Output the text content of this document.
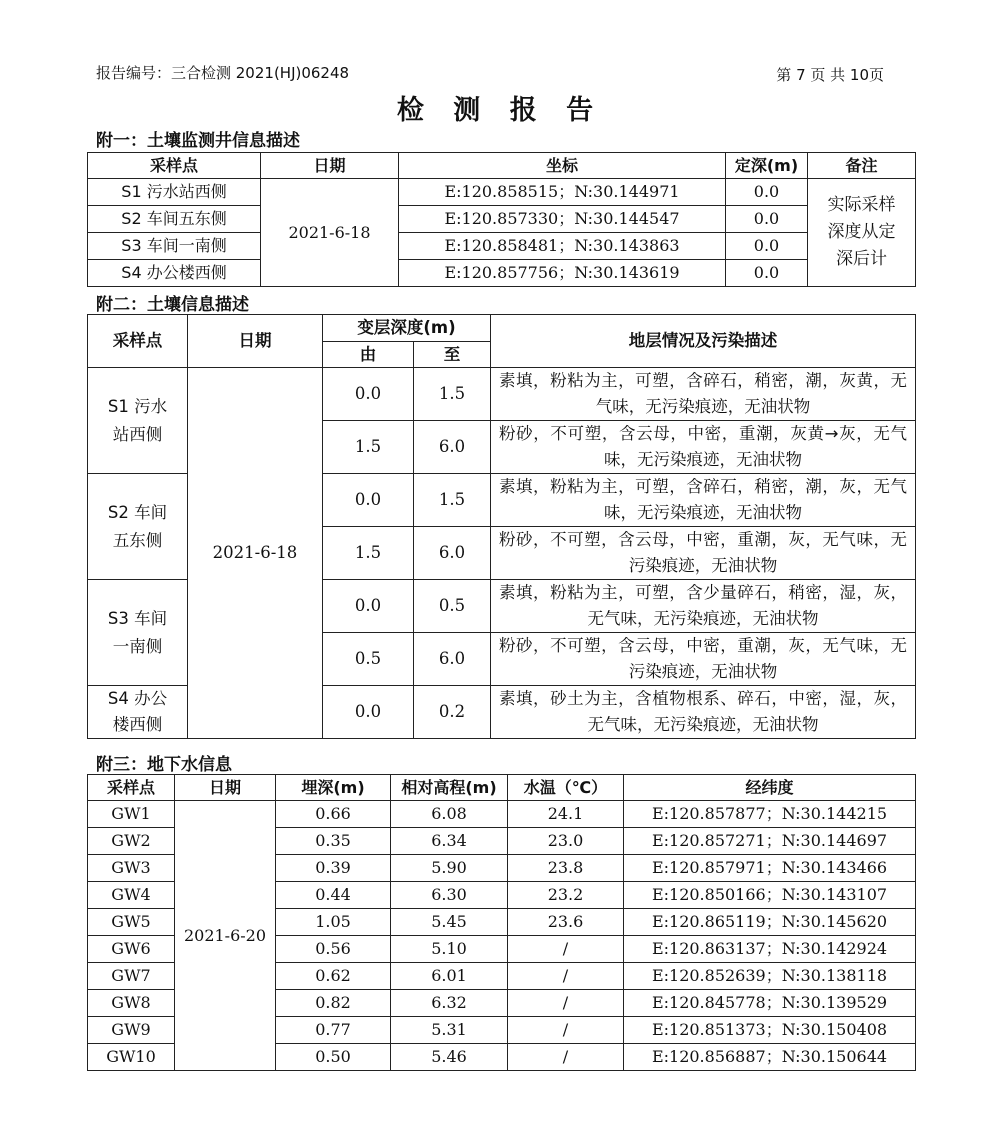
报告编号：三合检测 2021(HJ)06248	第 7 页 共 10页
检 测 报 告
附一：土壤监测井信息描述
采样点	日期	坐标	定深(m)	备注
S1 污水站西侧	2021-6-18	E:120.858515；N:30.144971	0.0	实际采样深度从定深后计
S2 车间五东侧		E:120.857330；N:30.144547	0.0	
S3 车间一南侧		E:120.858481；N:30.143863	0.0	
S4 办公楼西侧		E:120.857756；N:30.143619	0.0	
附二：土壤信息描述
采样点	日期	变层深度(m)		地层情况及污染描述
		由	至	
S1 污水站西侧	2021-6-18	0.0	1.5	素填，粉粘为主，可塑，含碎石，稍密，潮，灰黄，无气味，无污染痕迹，无油状物
		1.5	6.0	粉砂，不可塑，含云母，中密，重潮，灰黄→灰，无气味，无污染痕迹，无油状物
S2 车间五东侧		0.0	1.5	素填，粉粘为主，可塑，含碎石，稍密，潮，灰，无气味，无污染痕迹，无油状物
		1.5	6.0	粉砂，不可塑，含云母，中密，重潮，灰，无气味，无污染痕迹，无油状物
S3 车间一南侧		0.0	0.5	素填，粉粘为主，可塑，含少量碎石，稍密，湿，灰，无气味，无污染痕迹，无油状物
		0.5	6.0	粉砂，不可塑，含云母，中密，重潮，灰，无气味，无污染痕迹，无油状物
S4 办公楼西侧		0.0	0.2	素填，砂土为主，含植物根系、碎石，中密，湿，灰，无气味，无污染痕迹，无油状物
附三：地下水信息
采样点	日期	埋深(m)	相对高程(m)	水温（℃）	经纬度
GW1	2021-6-20	0.66	6.08	24.1	E:120.857877；N:30.144215
GW2		0.35	6.34	23.0	E:120.857271；N:30.144697
GW3		0.39	5.90	23.8	E:120.857971；N:30.143466
GW4		0.44	6.30	23.2	E:120.850166；N:30.143107
GW5		1.05	5.45	23.6	E:120.865119；N:30.145620
GW6		0.56	5.10	/	E:120.863137；N:30.142924
GW7		0.62	6.01	/	E:120.852639；N:30.138118
GW8		0.82	6.32	/	E:120.845778；N:30.139529
GW9		0.77	5.31	/	E:120.851373；N:30.150408
GW10		0.50	5.46	/	E:120.856887；N:30.150644
